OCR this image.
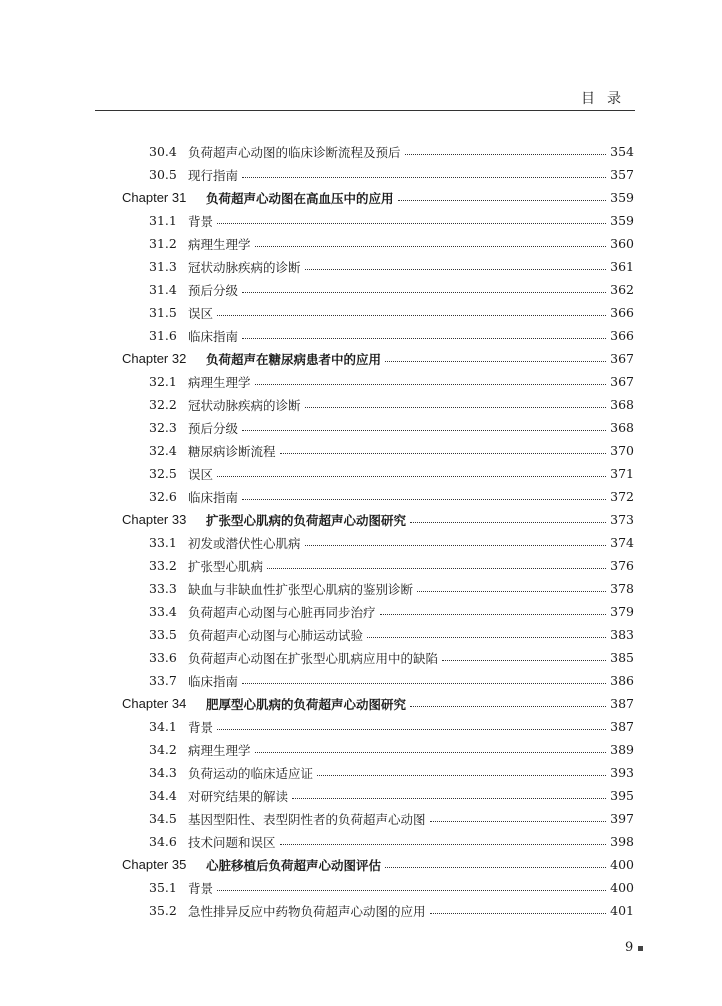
目录
30.4 负荷超声心动图的临床诊断流程及预后	354
30.5 现行指南	357
Chapter 31	负荷超声心动图在高血压中的应用	359
31.1 背景	359
31.2 病理生理学	360
31.3 冠状动脉疾病的诊断	361
31.4 预后分级	362
31.5 误区	366
31.6 临床指南	366
Chapter 32	负荷超声在糖尿病患者中的应用	367
32.1 病理生理学	367
32.2 冠状动脉疾病的诊断	368
32.3 预后分级	368
32.4 糖尿病诊断流程	370
32.5 误区	371
32.6 临床指南	372
Chapter 33	扩张型心肌病的负荷超声心动图研究	373
33.1 初发或潜伏性心肌病	374
33.2 扩张型心肌病	376
33.3 缺血与非缺血性扩张型心肌病的鉴别诊断	378
33.4 负荷超声心动图与心脏再同步治疗	379
33.5 负荷超声心动图与心肺运动试验	383
33.6 负荷超声心动图在扩张型心肌病应用中的缺陷	385
33.7 临床指南	386
Chapter 34	肥厚型心肌病的负荷超声心动图研究	387
34.1 背景	387
34.2 病理生理学	389
34.3 负荷运动的临床适应证	393
34.4 对研究结果的解读	395
34.5 基因型阳性、表型阴性者的负荷超声心动图	397
34.6 技术问题和误区	398
Chapter 35	心脏移植后负荷超声心动图评估	400
35.1 背景	400
35.2 急性排异反应中药物负荷超声心动图的应用	401
9
